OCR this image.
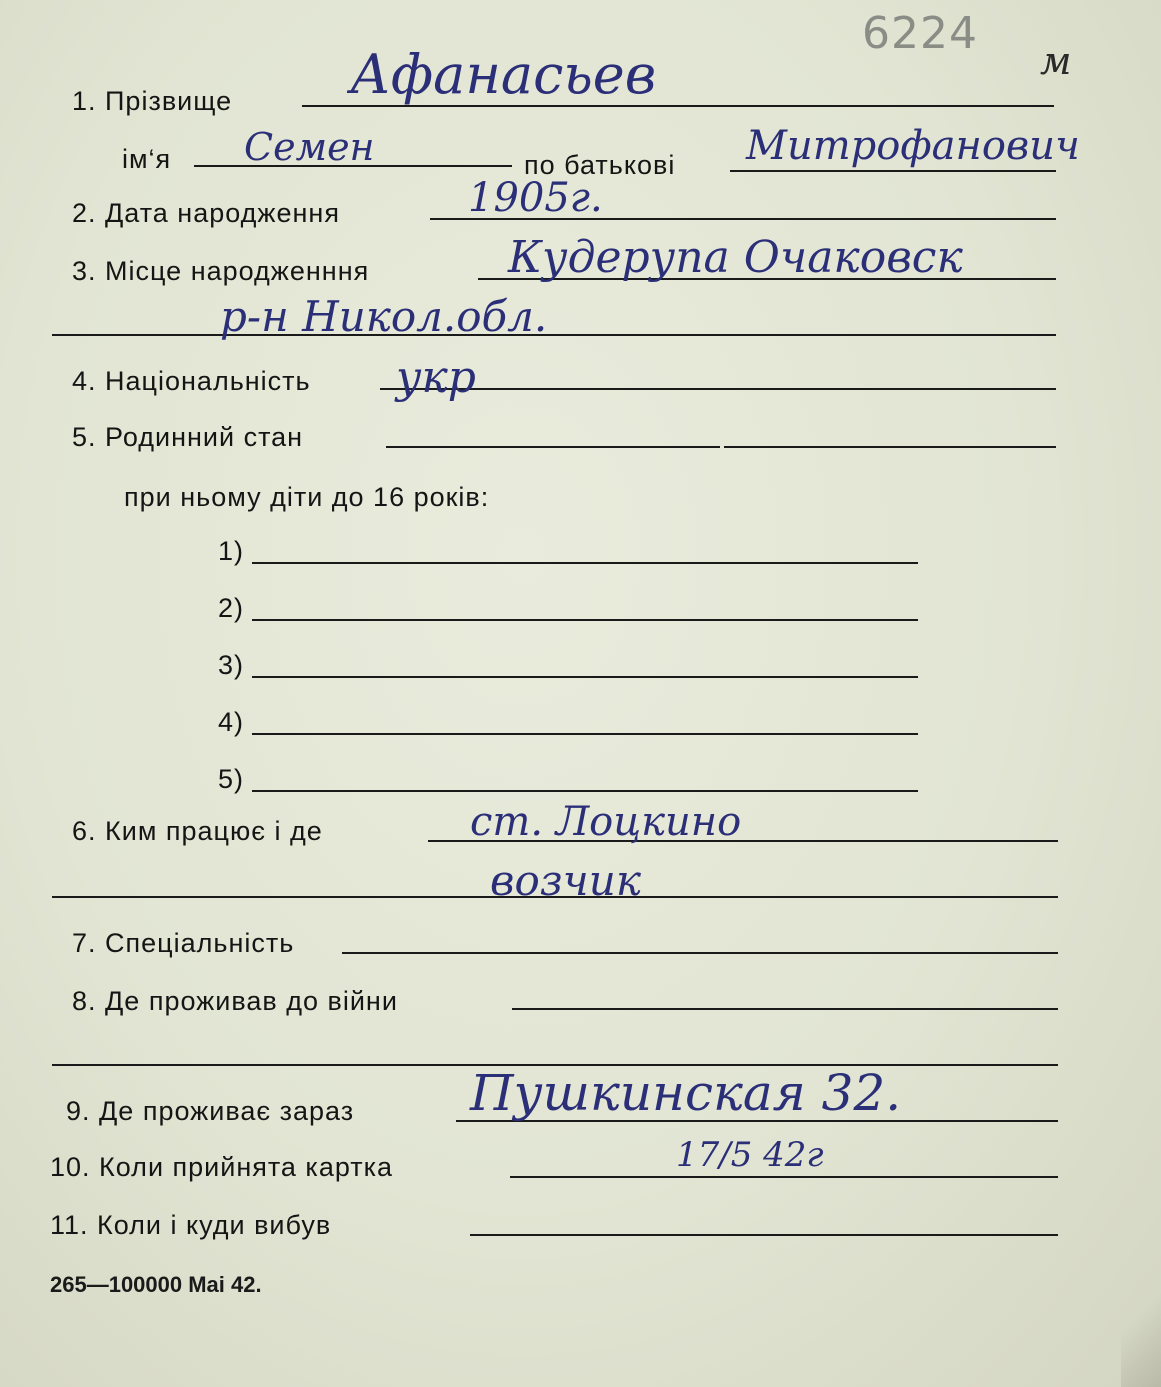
6224
м
1. Прізвище Афанасьев
ім‘я Семен	по батькові Митрофанович
2. Дата народження	1905г.
3. Місце народженння	Кудерупа Очаковск
р-н Никол.обл.
4. Національність укр
5. Родинний стан
при ньому діти до 16 років:
1)
2)
3)
4)
5)
6. Ким працює і де	ст. Лоцкино
возчик
7. Спеціальність
8. Де проживав до війни
9. Де проживає зараз Пушкинская 32.
10. Коли прийнята картка	17/5 42г
11. Коли і куди вибув
265—100000 Mai 42.
